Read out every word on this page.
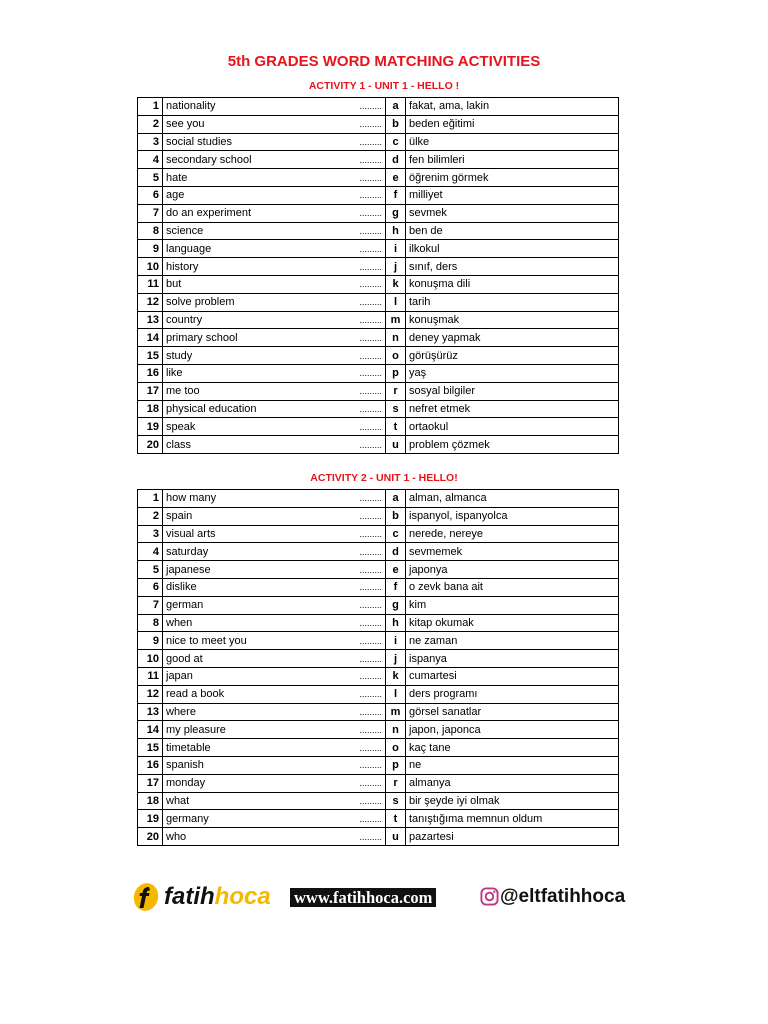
5th GRADES WORD MATCHING ACTIVITIES
ACTIVITY 1 - UNIT 1 - HELLO !
1	nationality .........	a	fakat, ama, lakin
2	see you .........	b	beden eğitimi
3	social studies .........	c	ülke
4	secondary school .........	d	fen bilimleri
5	hate .........	e	öğrenim görmek
6	age .........	f	milliyet
7	do an experiment .........	g	sevmek
8	science .........	h	ben de
9	language .........	i	ilkokul
10	history .........	j	sınıf, ders
11	but .........	k	konuşma dili
12	solve problem .........	l	tarih
13	country .........	m	konuşmak
14	primary school .........	n	deney yapmak
15	study .........	o	görüşürüz
16	like .........	p	yaş
17	me too .........	r	sosyal bilgiler
18	physical education .........	s	nefret etmek
19	speak .........	t	ortaokul
20	class .........	u	problem çözmek
ACTIVITY 2 - UNIT 1 - HELLO!
1	how many .........	a	alman, almanca
2	spain .........	b	ispanyol, ispanyolca
3	visual arts .........	c	nerede, nereye
4	saturday .........	d	sevmemek
5	japanese .........	e	japonya
6	dislike .........	f	o zevk bana ait
7	german .........	g	kim
8	when .........	h	kitap okumak
9	nice to meet you .........	i	ne zaman
10	good at .........	j	ispanya
11	japan .........	k	cumartesi
12	read a book .........	l	ders programı
13	where .........	m	görsel sanatlar
14	my pleasure .........	n	japon, japonca
15	timetable .........	o	kaç tane
16	spanish .........	p	ne
17	monday .........	r	almanya
18	what .........	s	bir şeyde iyi olmak
19	germany .........	t	tanıştığıma memnun oldum
20	who .........	u	pazartesi
fatihhoca www.fatihhoca.com	@eltfatihhoca
